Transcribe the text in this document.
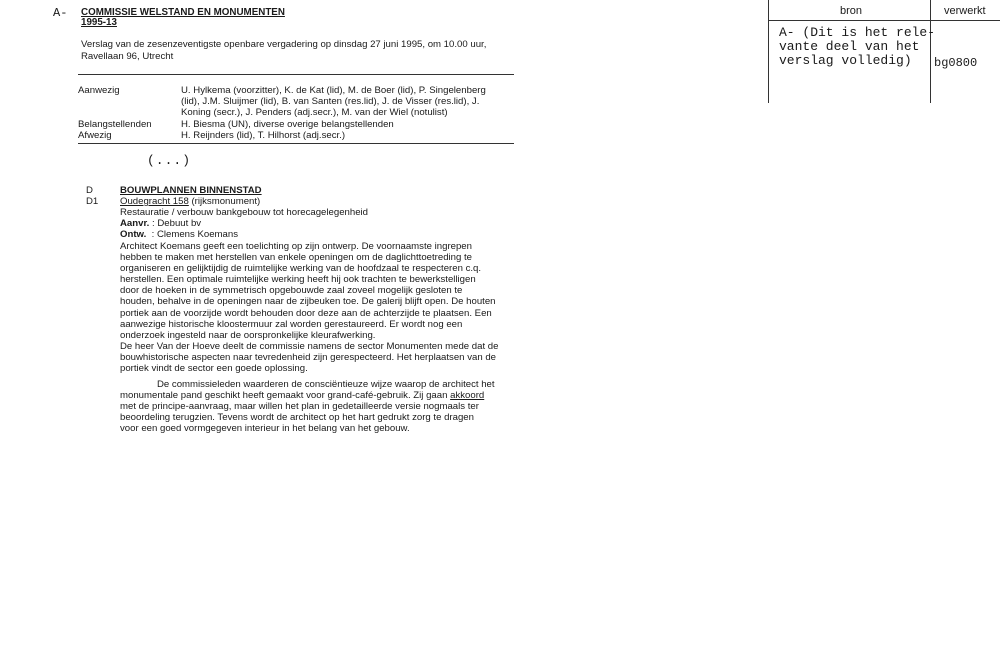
A- COMMISSIE WELSTAND EN MONUMENTEN
1995-13
Verslag van de zesenzeventigste openbare vergadering op dinsdag 27 juni 1995, om 10.00 uur,
Ravellaan 96, Utrecht
Aanwezig	U. Hylkema (voorzitter), K. de Kat (lid), M. de Boer (lid), P. Singelenberg
(lid), J.M. Sluijmer (lid), B. van Santen (res.lid), J. de Visser (res.lid), J.
Koning (secr.), J. Penders (adj.secr.), M. van der Wiel (notulist)
Belangstellenden	H. Biesma (UN), diverse overige belangstellenden
Afwezig	H. Reijnders (lid), T. Hilhorst (adj.secr.)
(...)
D	BOUWPLANNEN BINNENSTAD
D1 Oudegracht 158 (rijksmonument)
Restauratie / verbouw bankgebouw tot horecagelegenheid
Aanvr. : Debuut bv
Ontw.  : Clemens Koemans
Architect Koemans geeft een toelichting op zijn ontwerp. De voornaamste ingrepen
hebben te maken met herstellen van enkele openingen om de daglichttoetreding te
organiseren en gelijktijdig de ruimtelijke werking van de hoofdzaal te respecteren c.q.
herstellen. Een optimale ruimtelijke werking heeft hij ook trachten te bewerkstelligen
door de hoeken in de symmetrisch opgebouwde zaal zoveel mogelijk gesloten te
houden, behalve in de openingen naar de zijbeuken toe. De galerij blijft open. De houten
portiek aan de voorzijde wordt behouden door deze aan de achterzijde te plaatsen. Een
aanwezige historische kloostermuur zal worden gerestaureerd. Er wordt nog een
onderzoek ingesteld naar de oorspronkelijke kleurafwerking.
De heer Van der Hoeve deelt de commissie namens de sector Monumenten mede dat de
bouwhistorische aspecten naar tevredenheid zijn gerespecteerd. Het herplaatsen van de
portiek vindt de sector een goede oplossing.
De commissieleden waarderen de consciëntieuze wijze waarop de architect het
monumentale pand geschikt heeft gemaakt voor grand-café-gebruik. Zij gaan akkoord
met de principe-aanvraag, maar willen het plan in gedetailleerde versie nogmaals ter
beoordeling terugzien. Tevens wordt de architect op het hart gedrukt zorg te dragen
voor een goed vormgegeven interieur in het belang van het gebouw.
bron	verwerkt
A- (Dit is het rele-
vante deel van het
verslag volledig)	bg0800
